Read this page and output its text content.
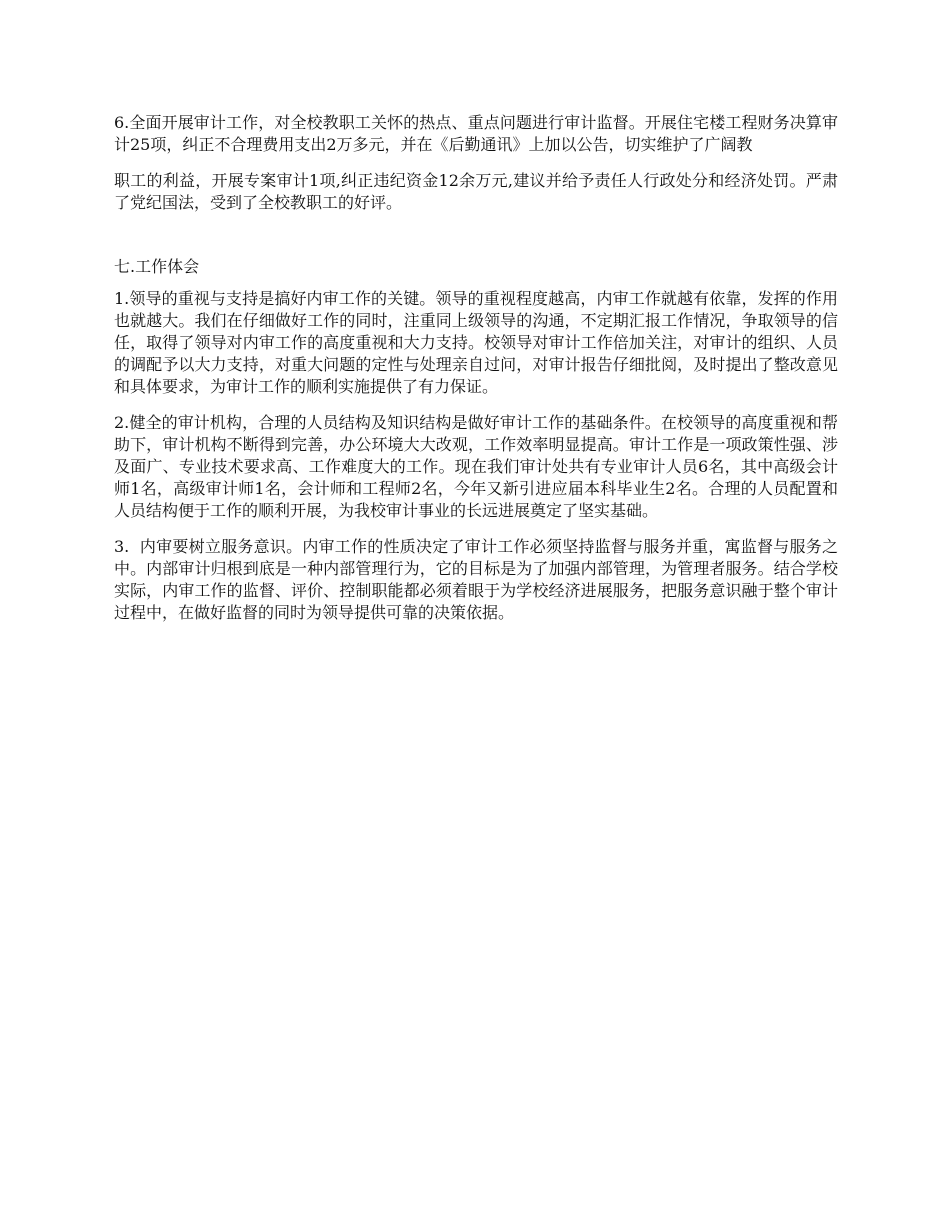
6.全面开展审计工作，对全校教职工关怀的热点、重点问题进行审计监督。开展住宅楼工程财务决算审计25项，纠正不合理费用支出2万多元，并在《后勤通讯》上加以公告，切实维护了广阔教

职工的利益，开展专案审计1项,纠正违纪资金12余万元,建议并给予责任人行政处分和经济处罚。严肃了党纪国法，受到了全校教职工的好评。

七.工作体会

1.领导的重视与支持是搞好内审工作的关键。领导的重视程度越高，内审工作就越有依靠，发挥的作用也就越大。我们在仔细做好工作的同时，注重同上级领导的沟通，不定期汇报工作情况，争取领导的信任，取得了领导对内审工作的高度重视和大力支持。校领导对审计工作倍加关注，对审计的组织、人员的调配予以大力支持，对重大问题的定性与处理亲自过问，对审计报告仔细批阅，及时提出了整改意见和具体要求，为审计工作的顺利实施提供了有力保证。

2.健全的审计机构，合理的人员结构及知识结构是做好审计工作的基础条件。在校领导的高度重视和帮助下，审计机构不断得到完善，办公环境大大改观，工作效率明显提高。审计工作是一项政策性强、涉及面广、专业技术要求高、工作难度大的工作。现在我们审计处共有专业审计人员6名，其中高级会计师1名，高级审计师1名，会计师和工程师2名，今年又新引进应届本科毕业生2名。合理的人员配置和人员结构便于工作的顺利开展，为我校审计事业的长远进展奠定了坚实基础。

3.  内审要树立服务意识。内审工作的性质决定了审计工作必须坚持监督与服务并重，寓监督与服务之中。内部审计归根到底是一种内部管理行为，它的目标是为了加强内部管理，为管理者服务。结合学校实际，内审工作的监督、评价、控制职能都必须着眼于为学校经济进展服务，把服务意识融于整个审计过程中，在做好监督的同时为领导提供可靠的决策依据。
